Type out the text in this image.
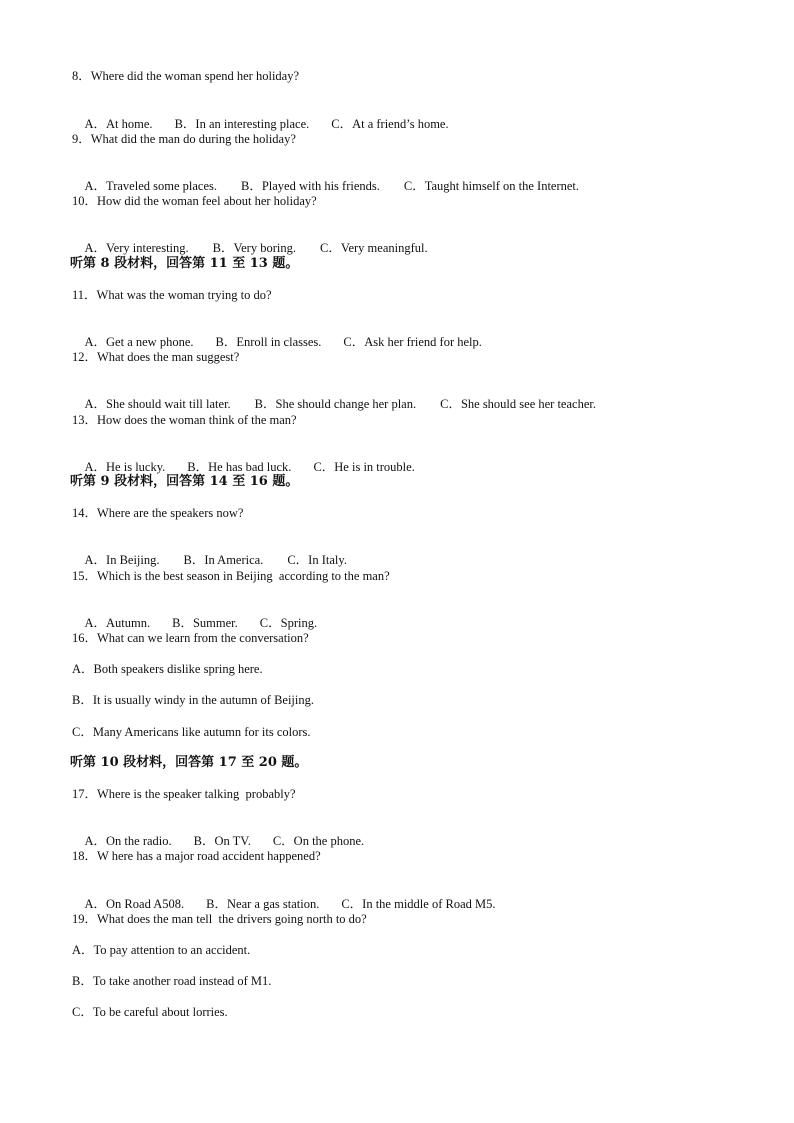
8．Where did the woman spend her holiday?

A．At home. B．In an interesting place. C．At a friend’s home.

9．What did the man do during the holiday?

A．Traveled some places. B．Played with his friends. C．Taught himself on the Internet.

10．How did the woman feel about her holiday?

A．Very interesting. B．Very boring. C．Very meaningful.

听第 8 段材料，回答第 11 至 13 题。
11．What was the woman trying to do?

A．Get a new phone. B．Enroll in classes. C．Ask her friend for help.

12．What does the man suggest?

A．She should wait till later. B．She should change her plan. C．She should see her teacher.

13．How does the woman think of the man?

A．He is lucky. B．He has bad luck. C．He is in trouble.

听第 9 段材料，回答第 14 至 16 题。
14．Where are the speakers now?

A．In Beijing. B．In America. C．In Italy.

15．Which is the best season in Beijing  according to the man?

A．Autumn. B．Summer. C．Spring.

16．What can we learn from the conversation?
A．Both speakers dislike spring here.
B．It is usually windy in the autumn of Beijing.
C．Many Americans like autumn for its colors.
听第 10 段材料，回答第 17 至 20 题。
17．Where is the speaker talking  probably?

A．On the radio. B．On TV. C．On the phone.

18．W here has a major road accident happened?

A．On Road A508. B．Near a gas station. C．In the middle of Road M5.

19．What does the man tell  the drivers going north to do?
A．To pay attention to an accident.
B．To take another road instead of M1.
C．To be careful about lorries.
